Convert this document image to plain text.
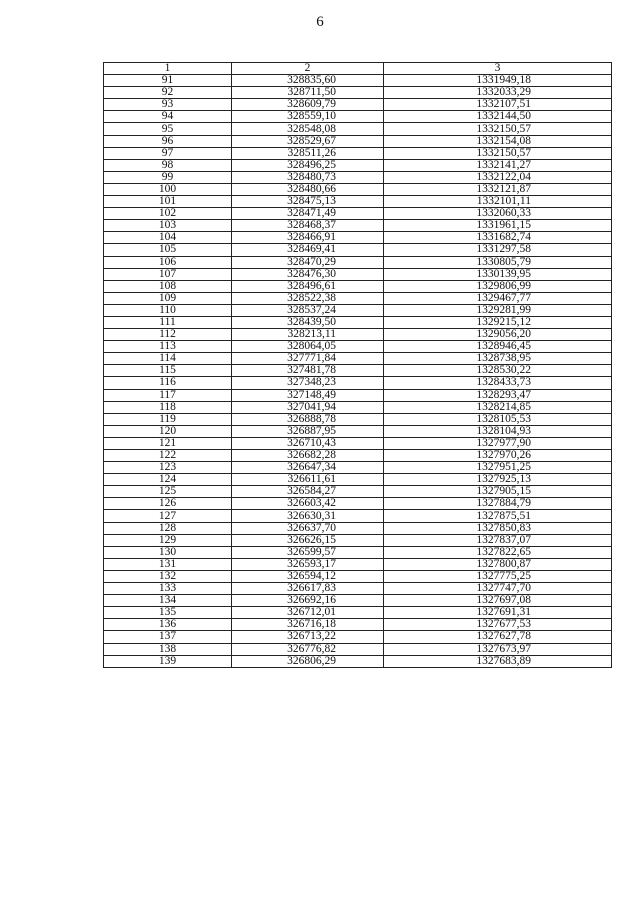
6
1	2	3
91	328835,60	1331949,18
92	328711,50	1332033,29
93	328609,79	1332107,51
94	328559,10	1332144,50
95	328548,08	1332150,57
96	328529,67	1332154,08
97	328511,26	1332150,57
98	328496,25	1332141,27
99	328480,73	1332122,04
100	328480,66	1332121,87
101	328475,13	1332101,11
102	328471,49	1332060,33
103	328468,37	1331961,15
104	328466,91	1331682,74
105	328469,41	1331297,58
106	328470,29	1330805,79
107	328476,30	1330139,95
108	328496,61	1329806,99
109	328522,38	1329467,77
110	328537,24	1329281,99
111	328439,50	1329215,12
112	328213,11	1329056,20
113	328064,05	1328946,45
114	327771,84	1328738,95
115	327481,78	1328530,22
116	327348,23	1328433,73
117	327148,49	1328293,47
118	327041,94	1328214,85
119	326888,78	1328105,53
120	326887,95	1328104,93
121	326710,43	1327977,90
122	326682,28	1327970,26
123	326647,34	1327951,25
124	326611,61	1327925,13
125	326584,27	1327905,15
126	326603,42	1327884,79
127	326630,31	1327875,51
128	326637,70	1327850,83
129	326626,15	1327837,07
130	326599,57	1327822,65
131	326593,17	1327800,87
132	326594,12	1327775,25
133	326617,83	1327747,70
134	326692,16	1327697,08
135	326712,01	1327691,31
136	326716,18	1327677,53
137	326713,22	1327627,78
138	326776,82	1327673,97
139	326806,29	1327683,89
